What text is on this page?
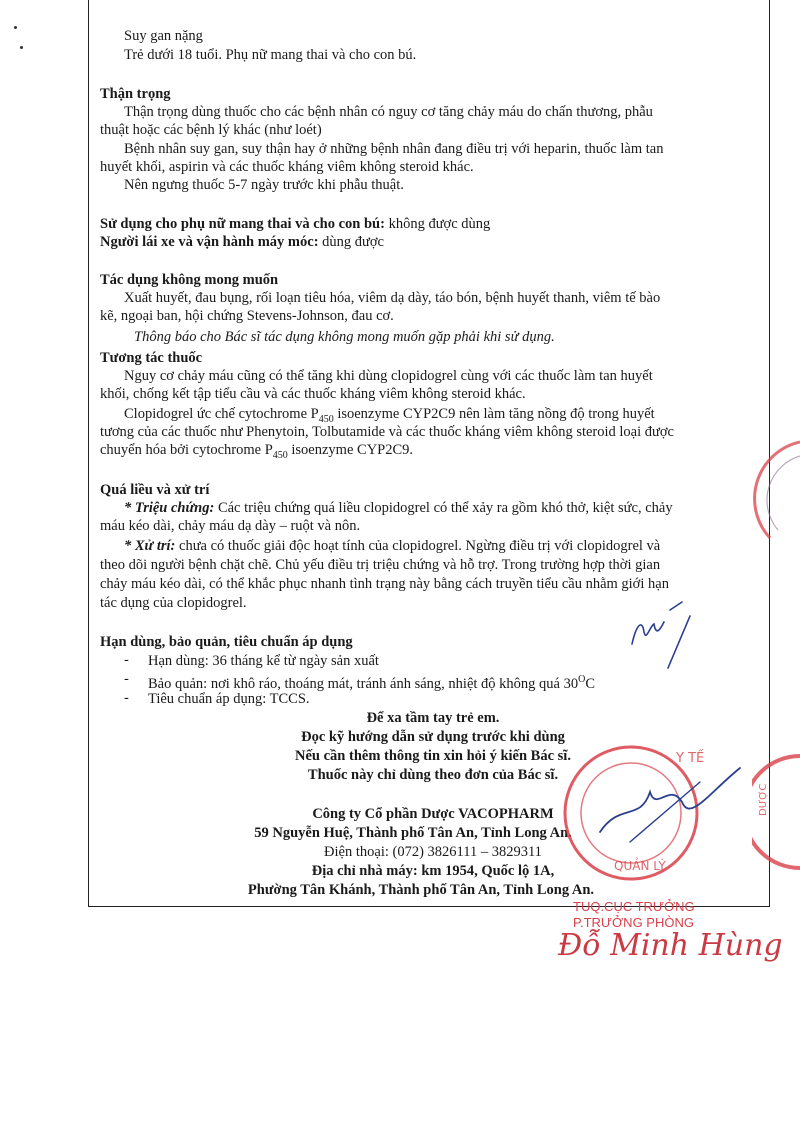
Suy gan nặng
Trẻ dưới 18 tuổi. Phụ nữ mang thai và cho con bú.
Thận trọng
Thận trọng dùng thuốc cho các bệnh nhân có nguy cơ tăng chảy máu do chấn thương, phẫu
thuật hoặc các bệnh lý khác (như loét)
Bệnh nhân suy gan, suy thận hay ở những bệnh nhân đang điều trị với heparin, thuốc làm tan
huyết khối, aspirin và các thuốc kháng viêm không steroid khác.
Nên ngưng thuốc 5-7 ngày trước khi phẫu thuật.
Sử dụng cho phụ nữ mang thai và cho con bú: không được dùng
Người lái xe và vận hành máy móc: dùng được
Tác dụng không mong muốn
Xuất huyết, đau bụng, rối loạn tiêu hóa, viêm dạ dày, táo bón, bệnh huyết thanh, viêm tế bào
kẽ, ngoại ban, hội chứng Stevens-Johnson, đau cơ.
Thông báo cho Bác sĩ tác dụng không mong muốn gặp phải khi sử dụng.
Tương tác thuốc
Nguy cơ chảy máu cũng có thể tăng khi dùng clopidogrel cùng với các thuốc làm tan huyết
khối, chống kết tập tiểu cầu và các thuốc kháng viêm không steroid khác.
Clopidogrel ức chế cytochrome $P_{450}$ isoenzyme CYP2C9 nên làm tăng nồng độ trong huyết
tương của các thuốc như Phenytoin, Tolbutamide và các thuốc kháng viêm không steroid loại được
chuyển hóa bởi cytochrome $P_{450}$ isoenzyme CYP2C9.
Quá liều và xử trí
* Triệu chứng: Các triệu chứng quá liều clopidogrel có thể xảy ra gồm khó thở, kiệt sức, chảy
máu kéo dài, chảy máu dạ dày – ruột và nôn.
* Xử trí: chưa có thuốc giải độc hoạt tính của clopidogrel. Ngừng điều trị với clopidogrel và
theo dõi người bệnh chặt chẽ. Chủ yếu điều trị triệu chứng và hỗ trợ. Trong trường hợp thời gian
chảy máu kéo dài, có thể khắc phục nhanh tình trạng này bằng cách truyền tiểu cầu nhằm giới hạn
tác dụng của clopidogrel.
Hạn dùng, bảo quản, tiêu chuẩn áp dụng
- Hạn dùng: 36 tháng kể từ ngày sản xuất
- Bảo quản: nơi khô ráo, thoáng mát, tránh ánh sáng, nhiệt độ không quá $30^OC$
- Tiêu chuẩn áp dụng: TCCS.
Để xa tầm tay trẻ em.
Đọc kỹ hướng dẫn sử dụng trước khi dùng
Nếu cần thêm thông tin xin hỏi ý kiến Bác sĩ.
Thuốc này chỉ dùng theo đơn của Bác sĩ.
Công ty Cổ phần Dược VACOPHARM
59 Nguyễn Huệ, Thành phố Tân An, Tỉnh Long An.
Điện thoại: (072) 3826111 – 3829311
Địa chỉ nhà máy: km 1954, Quốc lộ 1A,
Phường Tân Khánh, Thành phố Tân An, Tỉnh Long An.
TUQ.CỤC TRƯỞNG
P.TRƯỞNG PHÒNG
Đỗ Minh Hùng
Y TẾ
QUẢN LÝ
DƯỢC
